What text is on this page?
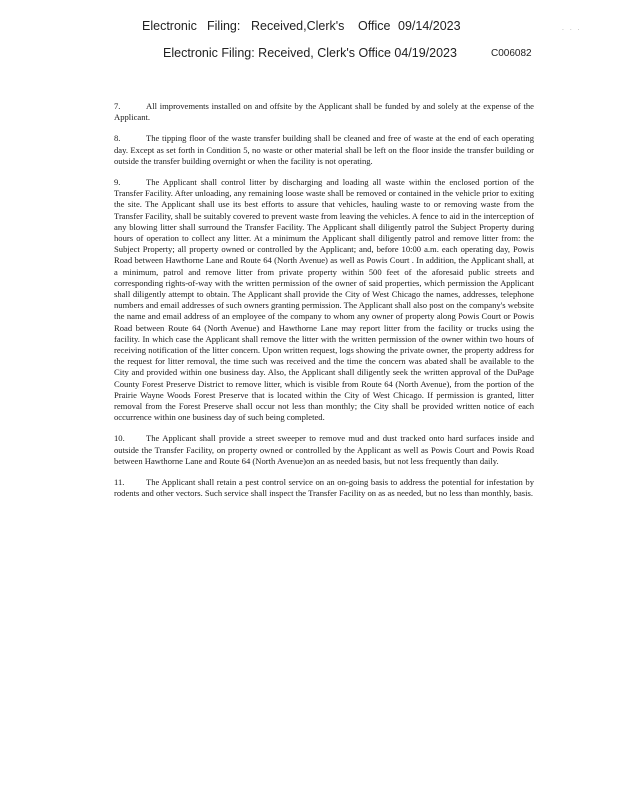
Electronic Filing: Received,Clerk's Office 09/14/2023	· · ·
Electronic Filing: Received, Clerk's Office 04/19/2023	C006082

7.	All improvements installed on and offsite by the Applicant shall be funded by and solely at the expense of the Applicant.

8.	The tipping floor of the waste transfer building shall be cleaned and free of waste at the end of each operating day. Except as set forth in Condition 5, no waste or other material shall be left on the floor inside the transfer building or outside the transfer building overnight or when the facility is not operating.

9.	The Applicant shall control litter by discharging and loading all waste within the enclosed portion of the Transfer Facility. After unloading, any remaining loose waste shall be removed or contained in the vehicle prior to exiting the site. The Applicant shall use its best efforts to assure that vehicles, hauling waste to or removing waste from the Transfer Facility, shall be suitably covered to prevent waste from leaving the vehicles. A fence to aid in the interception of any blowing litter shall surround the Transfer Facility. The Applicant shall diligently patrol the Subject Property during hours of operation to collect any litter. At a minimum the Applicant shall diligently patrol and remove litter from: the Subject Property; all property owned or controlled by the Applicant; and, before 10:00 a.m. each operating day, Powis Road between Hawthorne Lane and Route 64 (North Avenue) as well as Powis Court . In addition, the Applicant shall, at a minimum, patrol and remove litter from private property within 500 feet of the aforesaid public streets and corresponding rights-of-way with the written permission of the owner of said properties, which permission the Applicant shall diligently attempt to obtain. The Applicant shall provide the City of West Chicago the names, addresses, telephone numbers and email addresses of such owners granting permission. The Applicant shall also post on the company's website the name and email address of an employee of the company to whom any owner of property along Powis Court or Powis Road between Route 64 (North Avenue) and Hawthorne Lane may report litter from the facility or trucks using the facility. In which case the Applicant shall remove the litter with the written permission of the owner within two hours of receiving notification of the litter concern. Upon written request, logs showing the private owner, the property address for the request for litter removal, the time such was received and the time the concern was abated shall be available to the City and provided within one business day. Also, the Applicant shall diligently seek the written approval of the DuPage County Forest Preserve District to remove litter, which is visible from Route 64 (North Avenue), from the portion of the Prairie Wayne Woods Forest Preserve that is located within the City of West Chicago. If permission is granted, litter removal from the Forest Preserve shall occur not less than monthly; the City shall be provided written notice of each occurrence within one business day of such being completed.

10. The Applicant shall provide a street sweeper to remove mud and dust tracked onto hard surfaces inside and outside the Transfer Facility, on property owned or controlled by the Applicant as well as Powis Court and Powis Road between Hawthorne Lane and Route 64 (North Avenue)on an as needed basis, but not less frequently than daily.

11.	The Applicant shall retain a pest control service on an on-going basis to address the potential for infestation by rodents and other vectors. Such service shall inspect the Transfer Facility on as as needed, but no less than monthly, basis.
